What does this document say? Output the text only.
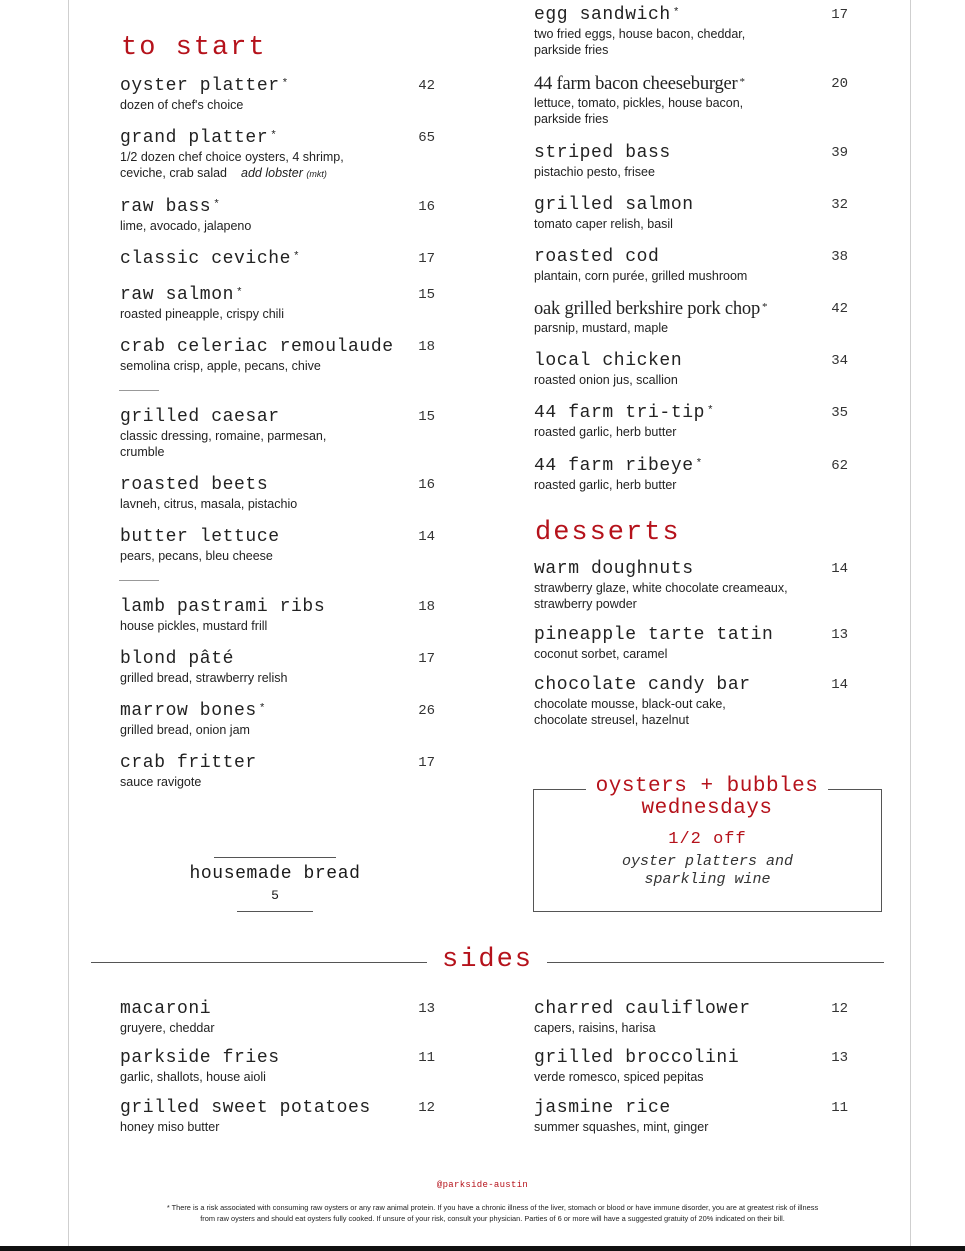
to start
oyster platter *	42
dozen of chef's choice
grand platter *	65
1/2 dozen chef choice oysters, 4 shrimp, ceviche, crab salad add lobster (mkt)
raw bass *	16
lime, avocado, jalapeno
classic ceviche *	17
raw salmon *	15
roasted pineapple, crispy chili
crab celeriac remoulaude	18
semolina crisp, apple, pecans, chive
grilled caesar	15
classic dressing, romaine, parmesan, crumble
roasted beets	16
lavneh, citrus, masala, pistachio
butter lettuce	14
pears, pecans, bleu cheese
lamb pastrami ribs	18
house pickles, mustard frill
blond pâté	17
grilled bread, strawberry relish
marrow bones *	26
grilled bread, onion jam
crab fritter	17
sauce ravigote
housemade bread
5
egg sandwich *	17
two fried eggs, house bacon, cheddar, parkside fries
44 farm bacon cheeseburger *	20
lettuce, tomato, pickles, house bacon, parkside fries
striped bass	39
pistachio pesto, frisee
grilled salmon	32
tomato caper relish, basil
roasted cod	38
plantain, corn purée, grilled mushroom
oak grilled berkshire pork chop *	42
parsnip, mustard, maple
local chicken	34
roasted onion jus, scallion
44 farm tri-tip *	35
roasted garlic, herb butter
44 farm ribeye *	62
roasted garlic, herb butter
desserts
warm doughnuts	14
strawberry glaze, white chocolate creameaux, strawberry powder
pineapple tarte tatin	13
coconut sorbet, caramel
chocolate candy bar	14
chocolate mousse, black-out cake, chocolate streusel, hazelnut
oysters + bubbles
wednesdays
1/2 off
oyster platters and
sparkling wine
sides
macaroni	13
gruyere, cheddar
parkside fries	11
garlic, shallots, house aioli
grilled sweet potatoes	12
honey miso butter
charred cauliflower	12
capers, raisins, harisa
grilled broccolini	13
verde romesco, spiced pepitas
jasmine rice	11
summer squashes, mint, ginger
@parkside-austin
* There is a risk associated with consuming raw oysters or any raw animal protein. If you have a chronic illness of the liver, stomach or blood or have immune disorder, you are at greatest risk of illness
from raw oysters and should eat oysters fully cooked. If unsure of your risk, consult your physician. Parties of 6 or more will have a suggested gratuity of 20% indicated on their bill.
